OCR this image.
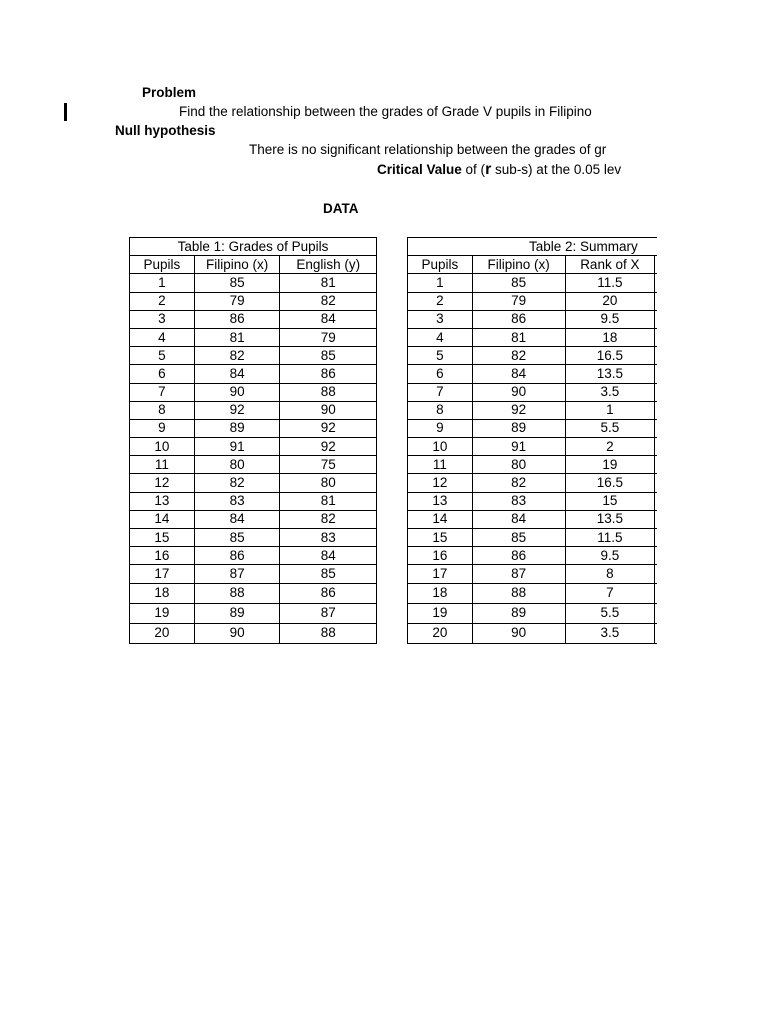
Problem
Find the relationship between the grades of Grade V pupils in Filipino
Null hypothesis
There is no significant relationship between the grades of gr
Critical Value of (r sub-s) at the 0.05 lev
DATA
Table 1: Grades of Pupils		
Pupils	Filipino (x)	English (y)
1	85	81
2	79	82
3	86	84
4	81	79
5	82	85
6	84	86
7	90	88
8	92	90
9	89	92
10	91	92
11	80	75
12	82	80
13	83	81
14	84	82
15	85	83
16	86	84
17	87	85
18	88	86
19	89	87
20	90	88
Table 2: Summary			
Pupils	Filipino (x)	Rank of X	
1	85	11.5	
2	79	20	
3	86	9.5	
4	81	18	
5	82	16.5	
6	84	13.5	
7	90	3.5	
8	92	1	
9	89	5.5	
10	91	2	
11	80	19	
12	82	16.5	
13	83	15	
14	84	13.5	
15	85	11.5	
16	86	9.5	
17	87	8	
18	88	7	
19	89	5.5	
20	90	3.5	
